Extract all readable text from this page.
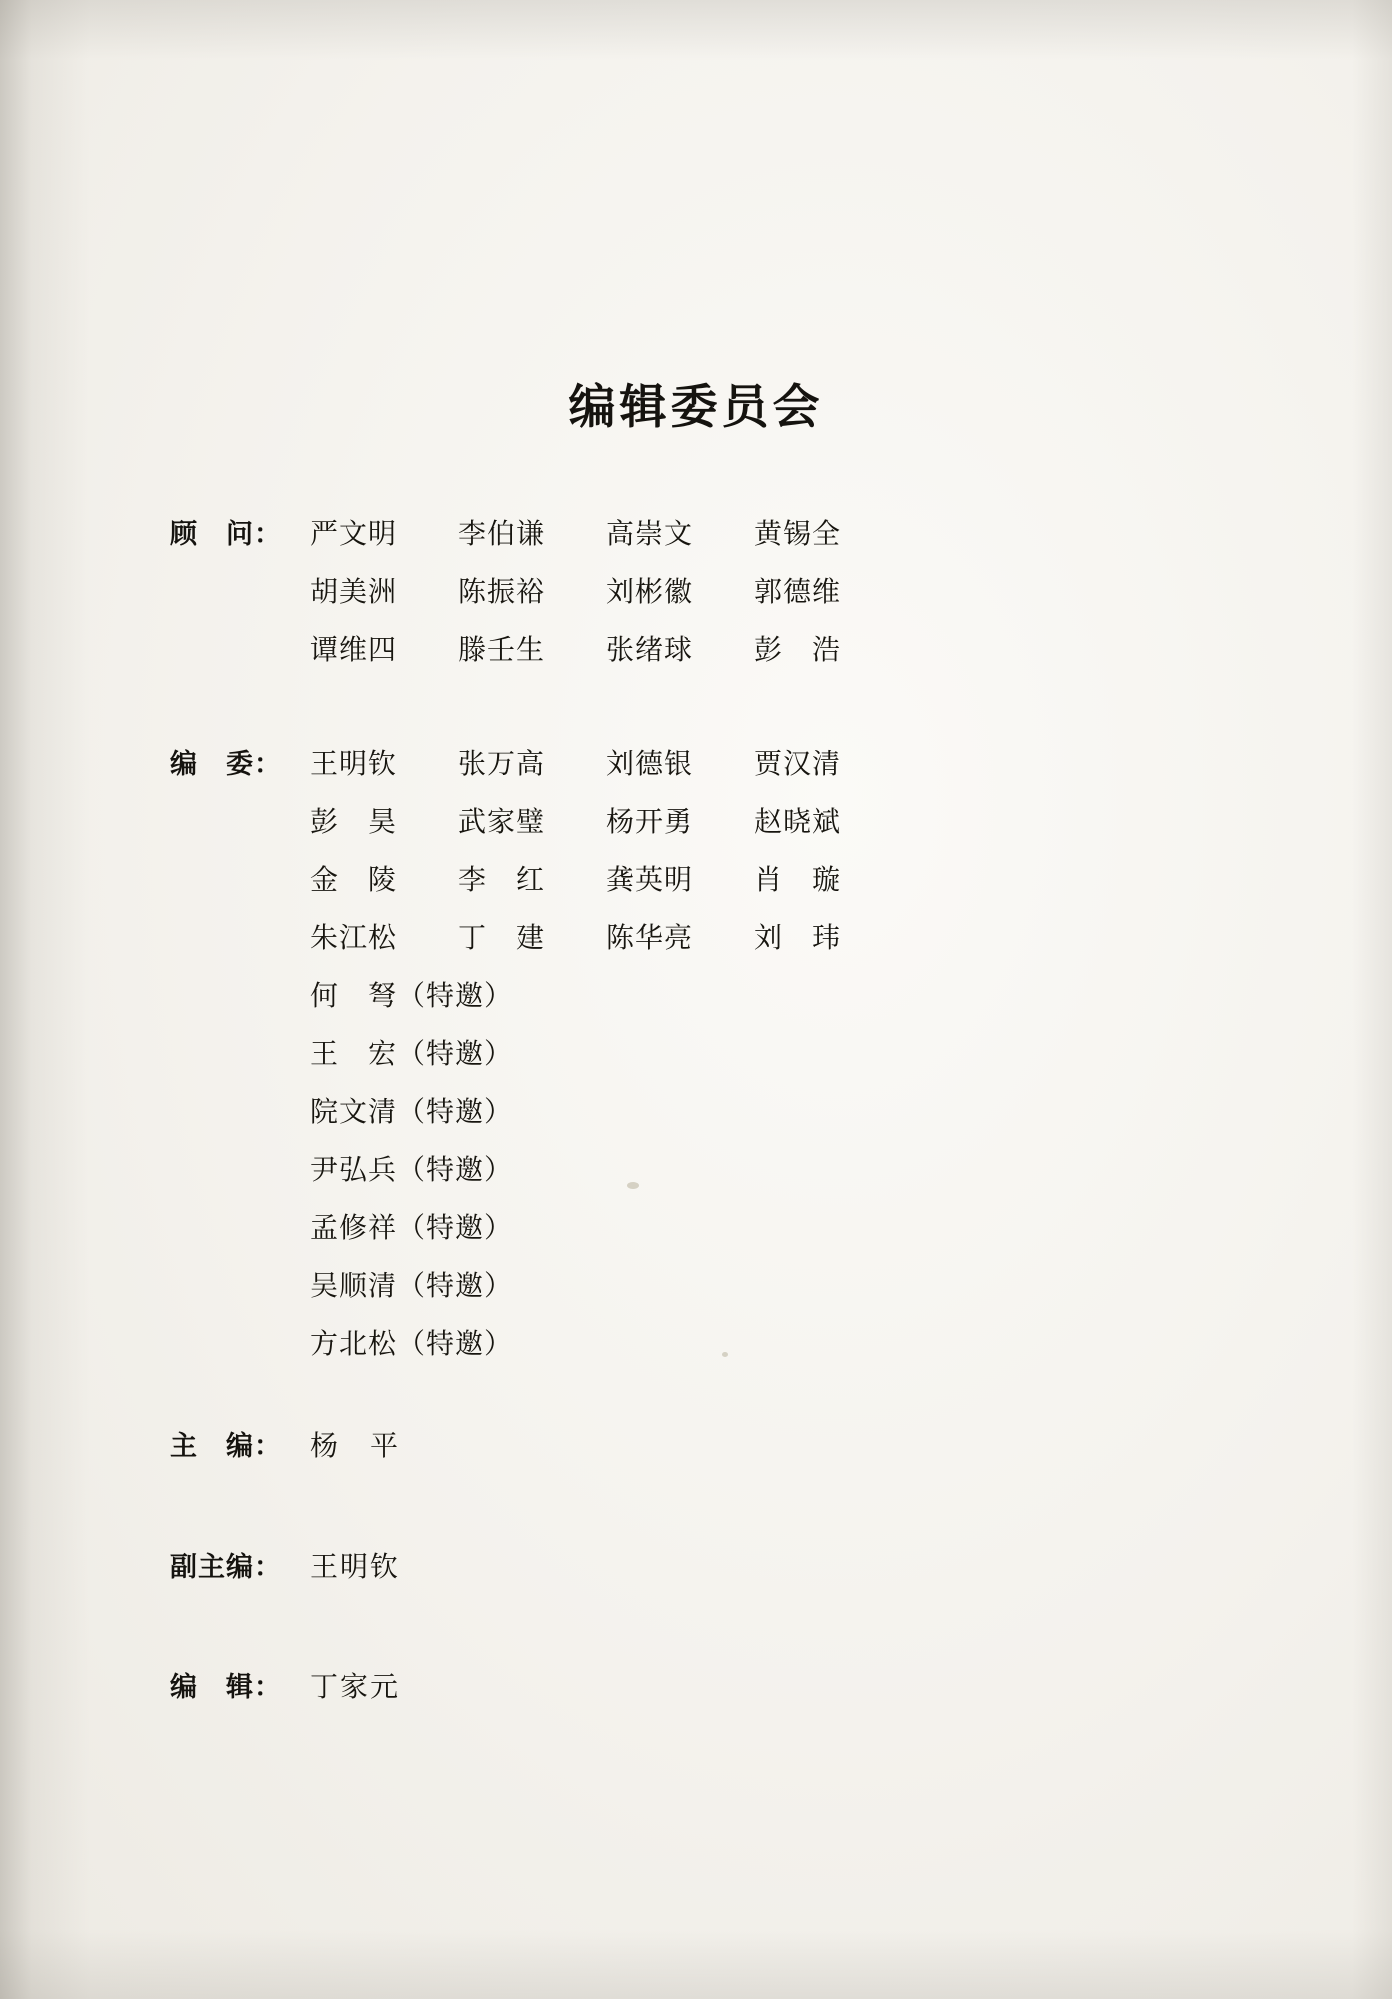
编辑委员会
顾　问：	严文明	李伯谦	高崇文	黄锡全
胡美洲	陈振裕	刘彬徽	郭德维
谭维四	滕壬生	张绪球	彭　浩
编　委：	王明钦	张万高	刘德银	贾汉清
彭　昊	武家璧	杨开勇	赵晓斌
金　陵	李　红	龚英明	肖　璇
朱江松	丁　建	陈华亮	刘　玮
何　弩（特邀）
王　宏（特邀）
院文清（特邀）
尹弘兵（特邀）
孟修祥（特邀）
吴顺清（特邀）
方北松（特邀）
主　编：	杨　平
副主编：	王明钦
编　辑：	丁家元
